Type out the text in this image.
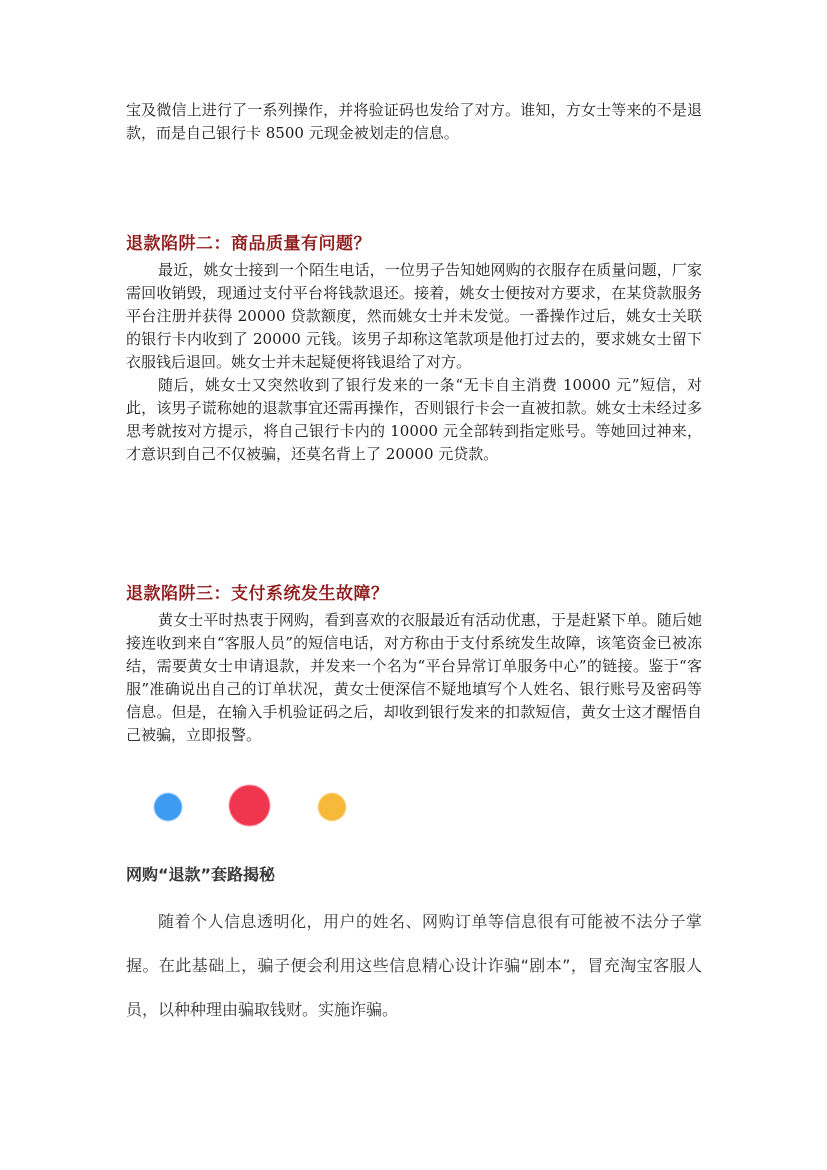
宝及微信上进行了一系列操作，并将验证码也发给了对方。谁知，方女士等来的不是退款，而是自己银行卡 8500 元现金被划走的信息。

退款陷阱二：商品质量有问题？

最近，姚女士接到一个陌生电话，一位男子告知她网购的衣服存在质量问题，厂家需回收销毁，现通过支付平台将钱款退还。接着，姚女士便按对方要求，在某贷款服务平台注册并获得 20000 贷款额度，然而姚女士并未发觉。一番操作过后，姚女士关联的银行卡内收到了 20000 元钱。该男子却称这笔款项是他打过去的，要求姚女士留下衣服钱后退回。姚女士并未起疑便将钱退给了对方。

随后，姚女士又突然收到了银行发来的一条“无卡自主消费 10000 元”短信，对此，该男子谎称她的退款事宜还需再操作，否则银行卡会一直被扣款。姚女士未经过多思考就按对方提示，将自己银行卡内的 10000 元全部转到指定账号。等她回过神来，才意识到自己不仅被骗，还莫名背上了 20000 元贷款。

退款陷阱三：支付系统发生故障？

黄女士平时热衷于网购，看到喜欢的衣服最近有活动优惠，于是赶紧下单。随后她接连收到来自“客服人员”的短信电话，对方称由于支付系统发生故障，该笔资金已被冻结，需要黄女士申请退款，并发来一个名为“平台异常订单服务中心”的链接。鉴于“客服”准确说出自己的订单状况，黄女士便深信不疑地填写个人姓名、银行账号及密码等信息。但是，在输入手机验证码之后，却收到银行发来的扣款短信，黄女士这才醒悟自己被骗，立即报警。

网购“退款”套路揭秘

随着个人信息透明化，用户的姓名、网购订单等信息很有可能被不法分子掌握。在此基础上，骗子便会利用这些信息精心设计诈骗“剧本”，冒充淘宝客服人员，以种种理由骗取钱财。实施诈骗。
